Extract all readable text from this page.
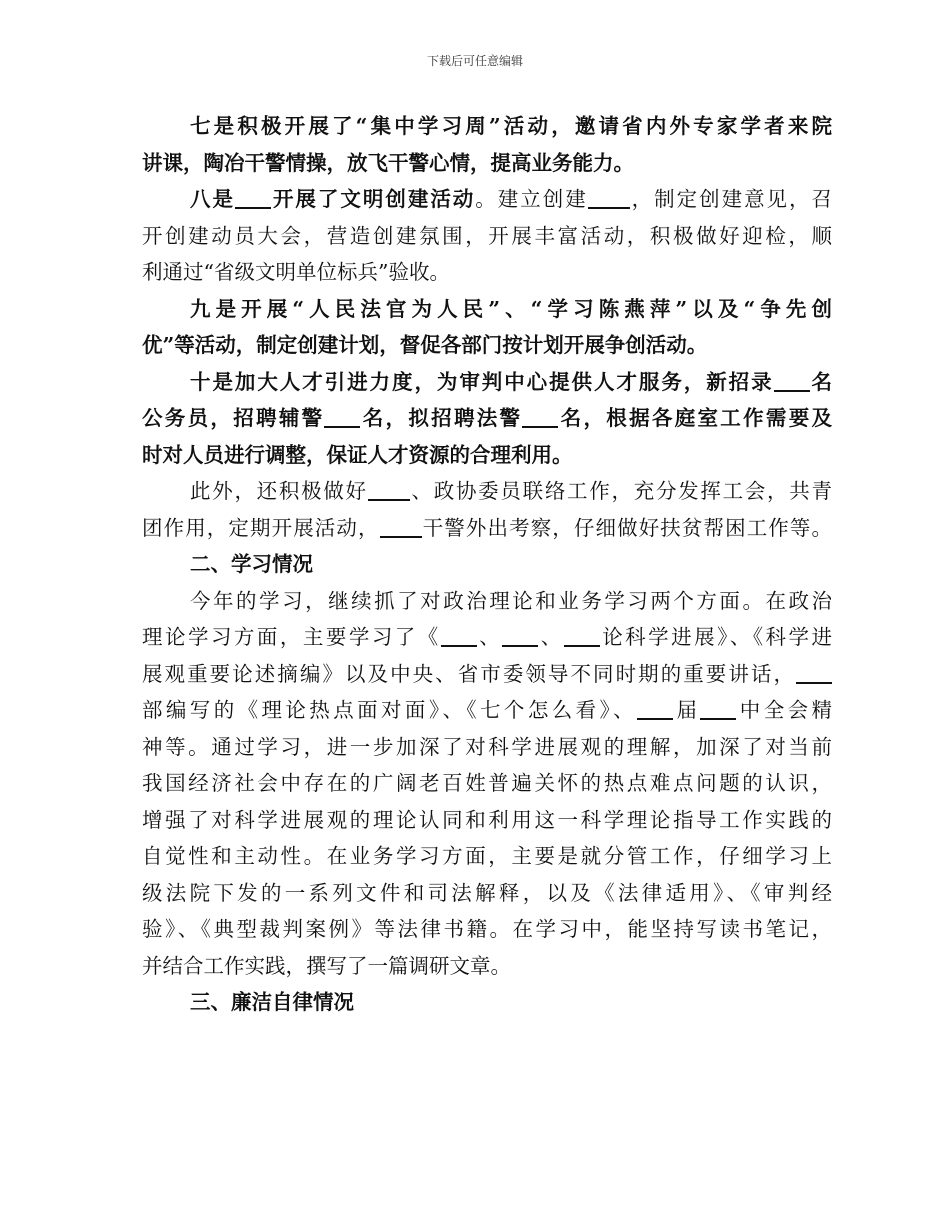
下载后可任意编辑
七是积极开展了“集中学习周”活动，邀请省内外专家学者来院
讲课，陶冶干警情操，放飞干警心情，提高业务能力。
八是 开展了文明创建活动。建立创建 ，制定创建意见，召
开创建动员大会，营造创建氛围，开展丰富活动，积极做好迎检，顺
利通过“省级文明单位标兵”验收。
九是开展“人民法官为人民”、“学习陈燕萍”以及“争先创
优”等活动，制定创建计划，督促各部门按计划开展争创活动。
十是加大人才引进力度，为审判中心提供人才服务，新招录 名
公务员，招聘辅警 名，拟招聘法警 名，根据各庭室工作需要及
时对人员进行调整，保证人才资源的合理利用。
此外，还积极做好 、政协委员联络工作，充分发挥工会，共青
团作用，定期开展活动， 干警外出考察，仔细做好扶贫帮困工作等。
二、学习情况
今年的学习，继续抓了对政治理论和业务学习两个方面。在政治
理论学习方面，主要学习了《 、 、 论科学进展》、《科学进
展观重要论述摘编》以及中央、省市委领导不同时期的重要讲话，
部编写的《理论热点面对面》、《七个怎么看》、 届 中全会精
神等。通过学习，进一步加深了对科学进展观的理解，加深了对当前
我国经济社会中存在的广阔老百姓普遍关怀的热点难点问题的认识，
增强了对科学进展观的理论认同和利用这一科学理论指导工作实践的
自觉性和主动性。在业务学习方面，主要是就分管工作，仔细学习上
级法院下发的一系列文件和司法解释，以及《法律适用》、《审判经
验》、《典型裁判案例》等法律书籍。在学习中，能坚持写读书笔记，
并结合工作实践，撰写了一篇调研文章。
三、廉洁自律情况
